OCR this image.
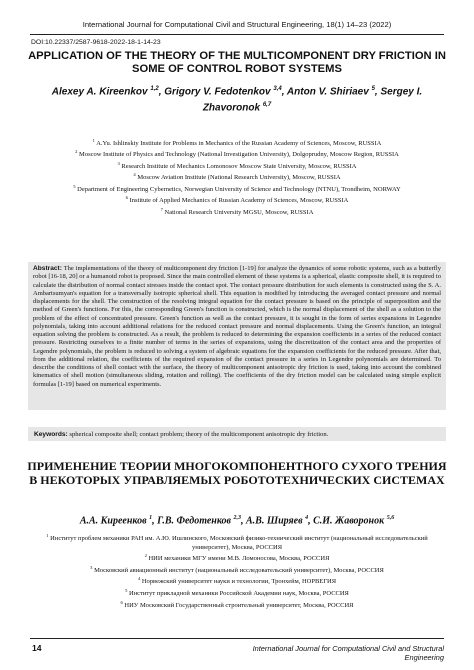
International Journal for Computational Civil and Structural Engineering, 18(1) 14–23 (2022)
DOI:10.22337/2587-9618-2022-18-1-14-23
APPLICATION OF THE THEORY OF THE MULTICOMPONENT DRY FRICTION IN SOME OF CONTROL ROBOT SYSTEMS
Alexey A. Kireenkov $^{1,2}$, Grigory V. Fedotenkov $^{3,4}$, Anton V. Shiriaev $^5$, Sergey I. Zhavoronok $^{6,7}$
$^1$ A.Yu. Ishlinskiy Institute for Problems in Mechanics of the Russian Academy of Sciences, Moscow, RUSSIA
$^2$ Moscow Institute of Physics and Technology (National Investigation University), Dolgoprudny, Moscow Region, RUSSIA
$^3$ Research Institute of Mechanics Lomonosov Moscow State University, Moscow, RUSSIA
$^4$ Moscow Aviation Institute (National Research University), Moscow, RUSSIA
$^5$ Department of Engineering Cybernetics, Norwegian University of Science and Technology (NTNU), Trondheim, NORWAY
$^6$ Institute of Applied Mechanics of Russian Academy of Sciences, Moscow, RUSSIA
$^7$ National Research University MGSU, Moscow, RUSSIA
Abstract: The implementations of the theory of multicomponent dry friction [1-19] for analyze the dynamics of some robotic systems, such as a butterfly robot [16-18, 20] or a humanoid robot is proposed. Since the main controlled element of these systems is a spherical, elastic composite shell, it is required to calculate the distribution of normal contact stresses inside the contact spot. The contact pressure distribution for such elements is constructed using the S. A. Ambartsumyan's equation for a transversally isotropic spherical shell. This equation is modified by introducing the averaged contact pressure and normal displacements for the shell. The construction of the resolving integral equation for the contact pressure is based on the principle of superposition and the method of Green's functions. For this, the corresponding Green's function is constructed, which is the normal displacement of the shell as a solution to the problem of the effect of concentrated pressure. Green's function as well as the contact pressure, it is sought in the form of series expansions in Legendre polynomials, taking into account additional relations for the reduced contact pressure and normal displacements. Using the Green's function, an integral equation solving the problem is constructed. As a result, the problem is reduced to determining the expansion coefficients in a series of the reduced contact pressure. Restricting ourselves to a finite number of terms in the series of expansions, using the discretization of the contact area and the properties of Legendre polynomials, the problem is reduced to solving a system of algebraic equations for the expansion coefficients for the reduced pressure. After that, from the additional relation, the coefficients of the required expansion of the contact pressure in a series in Legendre polynomials are determined. To describe the conditions of shell contact with the surface, the theory of multicomponent anisotropic dry friction is used, taking into account the combined kinematics of shell motion (simultaneous sliding, rotation and rolling). The coefficients of the dry friction model can be calculated using simple explicit formulas [1-19] based on numerical experiments.
Keywords: spherical composite shell; contact problem; theory of the multicomponent anisotropic dry friction.
ПРИМЕНЕНИЕ ТЕОРИИ МНОГОКОМПОНЕНТНОГО СУХОГО ТРЕНИЯ В НЕКОТОРЫХ УПРАВЛЯЕМЫХ РОБОТОТЕХНИЧЕСКИХ СИСТЕМАХ
А.А. Киреенков $^1$, Г.В. Федотенков $^{2,3}$, А.В. Ширяев $^4$, С.И. Жаворонок $^{5,6}$
$^1$ Институт проблем механики РАН им. А.Ю. Ишлинского, Московский физико-технический институт (национальный исследовательский университет), Москва, РОССИЯ
$^2$ НИИ механики МГУ имени М.В. Ломоносова, Москва, РОССИЯ
$^3$ Московский авиационный институт (национальный исследовательский университет), Москва, РОССИЯ
$^4$ Норвежский университет науки и технологии, Тронхейм, НОРВЕГИЯ
$^5$ Институт прикладной механики Российской Академии наук, Москва, РОССИЯ
$^6$ НИУ Московский Государственный строительный университет, Москва, РОССИЯ
14	International Journal for Computational Civil and Structural Engineering
